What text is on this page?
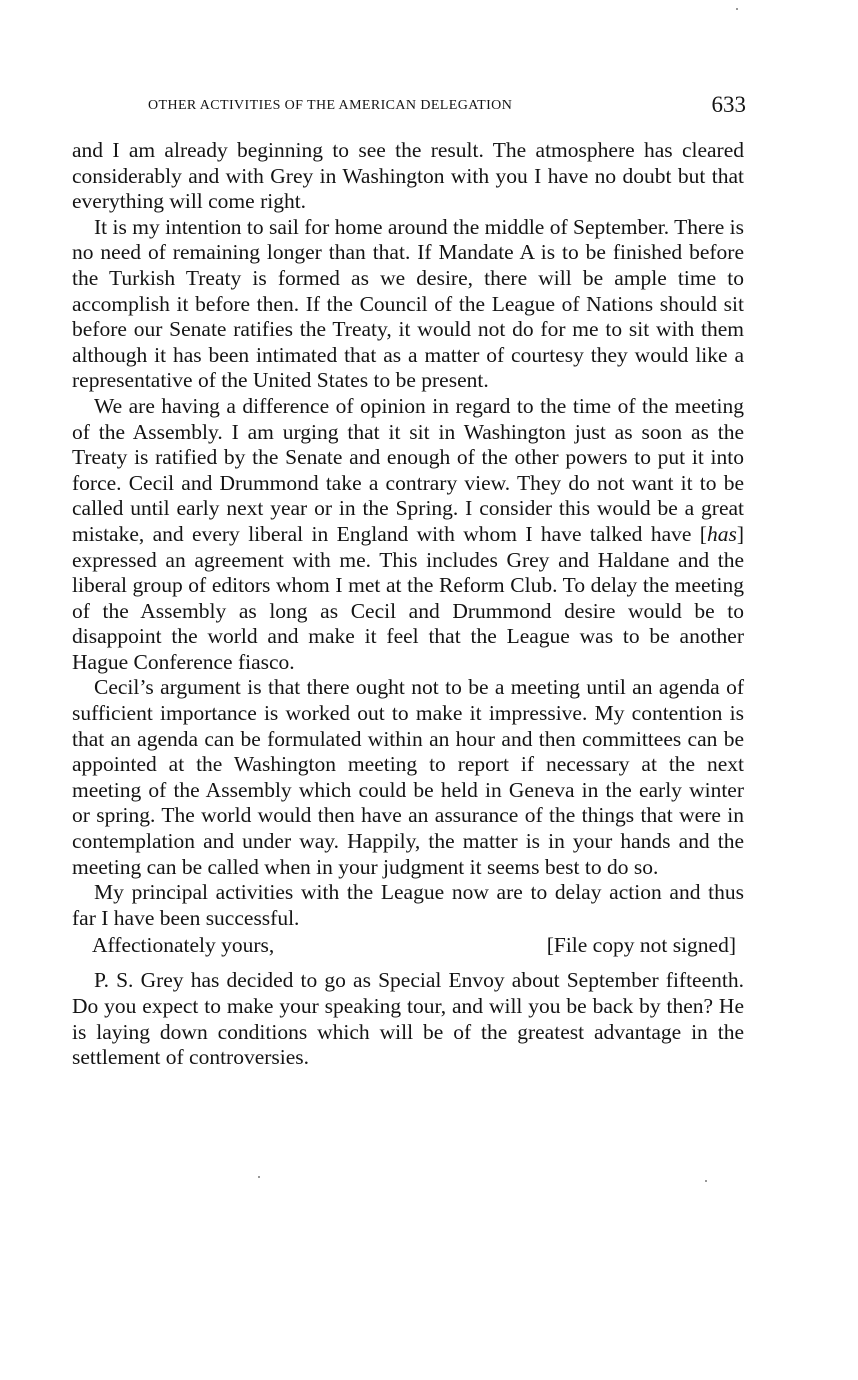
OTHER ACTIVITIES OF THE AMERICAN DELEGATION	633

and I am already beginning to see the result. The atmosphere has cleared considerably and with Grey in Washington with you I have no doubt but that everything will come right.

It is my intention to sail for home around the middle of September. There is no need of remaining longer than that. If Mandate A is to be finished before the Turkish Treaty is formed as we desire, there will be ample time to accomplish it before then. If the Council of the League of Nations should sit before our Senate ratifies the Treaty, it would not do for me to sit with them although it has been intimated that as a matter of courtesy they would like a representative of the United States to be present.

We are having a difference of opinion in regard to the time of the meeting of the Assembly. I am urging that it sit in Washington just as soon as the Treaty is ratified by the Senate and enough of the other powers to put it into force. Cecil and Drummond take a contrary view. They do not want it to be called until early next year or in the Spring. I consider this would be a great mistake, and every liberal in England with whom I have talked have [has] expressed an agreement with me. This includes Grey and Haldane and the liberal group of editors whom I met at the Reform Club. To delay the meeting of the Assembly as long as Cecil and Drummond desire would be to disappoint the world and make it feel that the League was to be another Hague Conference fiasco.

Cecil’s argument is that there ought not to be a meeting until an agenda of sufficient importance is worked out to make it impressive. My contention is that an agenda can be formulated within an hour and then committees can be appointed at the Washington meeting to report if necessary at the next meeting of the Assembly which could be held in Geneva in the early winter or spring. The world would then have an assurance of the things that were in contemplation and under way. Happily, the matter is in your hands and the meeting can be called when in your judgment it seems best to do so.

My principal activities with the League now are to delay action and thus far I have been successful.

Affectionately yours,	[File copy not signed]

P. S. Grey has decided to go as Special Envoy about September fifteenth. Do you expect to make your speaking tour, and will you be back by then? He is laying down conditions which will be of the greatest advantage in the settlement of controversies.
